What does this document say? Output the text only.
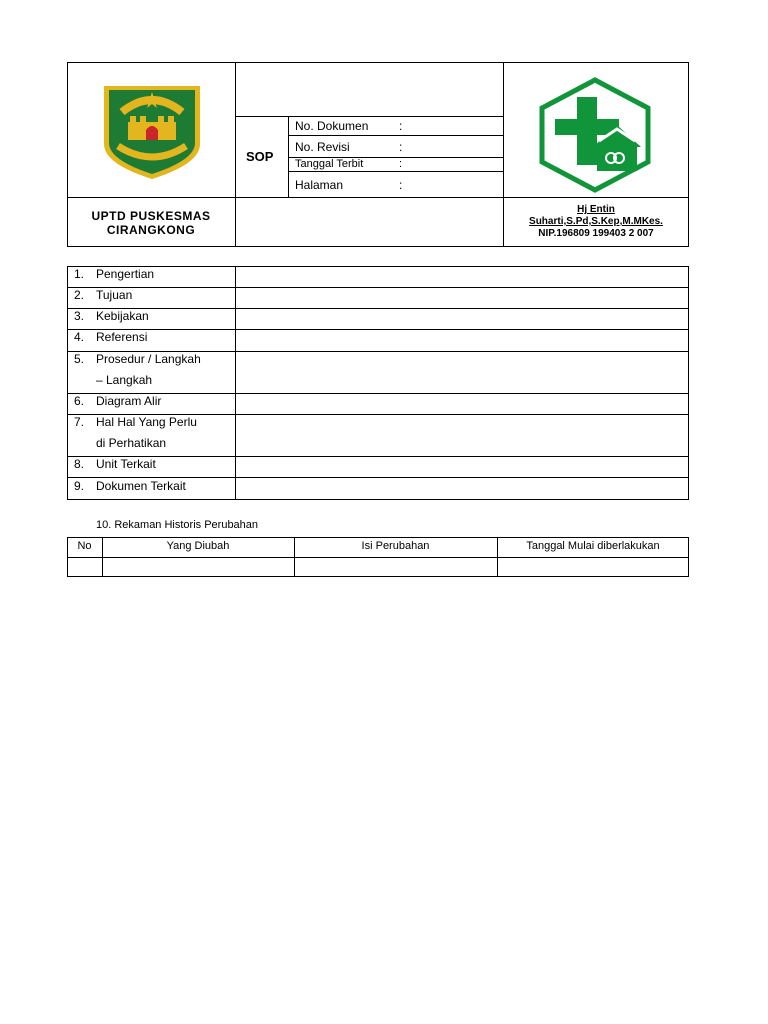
UPTD PUSKESMAS
CIRANGKONG
SOP
No. Dokumen	:
No. Revisi	:
Tanggal Terbit	:
Halaman	:
Hj Entin
Suharti,S.Pd,S.Kep,M.MKes.
NIP.196809 199403 2 007
1. Pengertian
2. Tujuan
3. Kebijakan
4. Referensi
5. Prosedur / Langkah
– Langkah
6. Diagram Alir
7. Hal Hal Yang Perlu
di Perhatikan
8. Unit Terkait
9. Dokumen Terkait
10. Rekaman Historis Perubahan
No	Yang Diubah	Isi Perubahan	Tanggal Mulai diberlakukan
